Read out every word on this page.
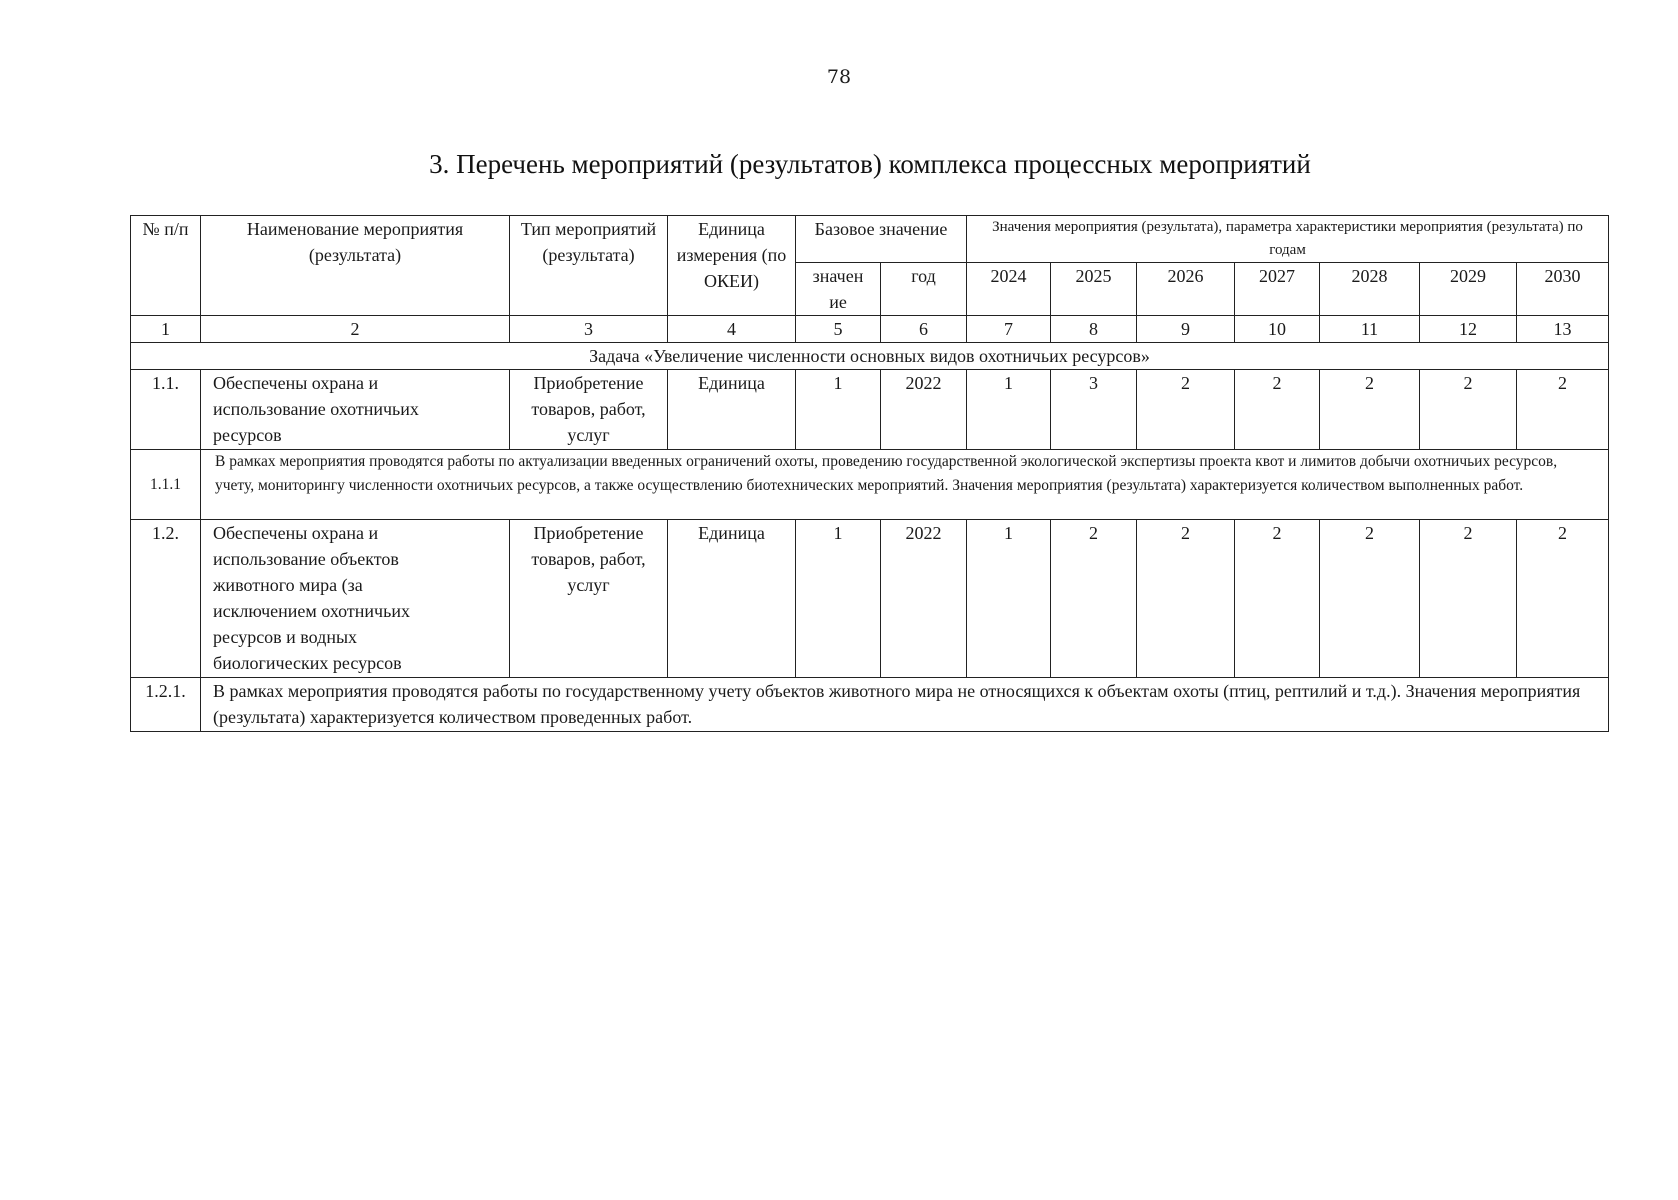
78
3. Перечень мероприятий (результатов) комплекса процессных мероприятий
№ п/п	Наименование мероприятия (результата)	Тип мероприятий (результата)	Единица измерения (по ОКЕИ)	Базовое значение		Значения мероприятия (результата), параметра характеристики мероприятия (результата) по годам						
				значен ие	год	2024	2025	2026	2027	2028	2029	2030
1	2	3	4	5	6	7	8	9	10	11	12	13
Задача «Увеличение численности основных видов охотничьих ресурсов»												
1.1.	Обеспечены охрана и использование охотничьих ресурсов	Приобретение товаров, работ, услуг	Единица	1	2022	1	3	2	2	2	2	2
1.1.1	В рамках мероприятия проводятся работы по актуализации введенных ограничений охоты, проведению государственной экологической экспертизы проекта квот и лимитов добычи охотничьих ресурсов, учету, мониторингу численности охотничьих ресурсов, а также осуществлению биотехнических мероприятий. Значения мероприятия (результата) характеризуется количеством выполненных работ.											
1.2.	Обеспечены охрана и использование объектов животного мира (за исключением охотничьих ресурсов и водных биологических ресурсов	Приобретение товаров, работ, услуг	Единица	1	2022	1	2	2	2	2	2	2
1.2.1.	В рамках мероприятия проводятся работы по государственному учету объектов животного мира не относящихся к объектам охоты (птиц, рептилий и т.д.). Значения мероприятия (результата) характеризуется количеством проведенных работ.											
